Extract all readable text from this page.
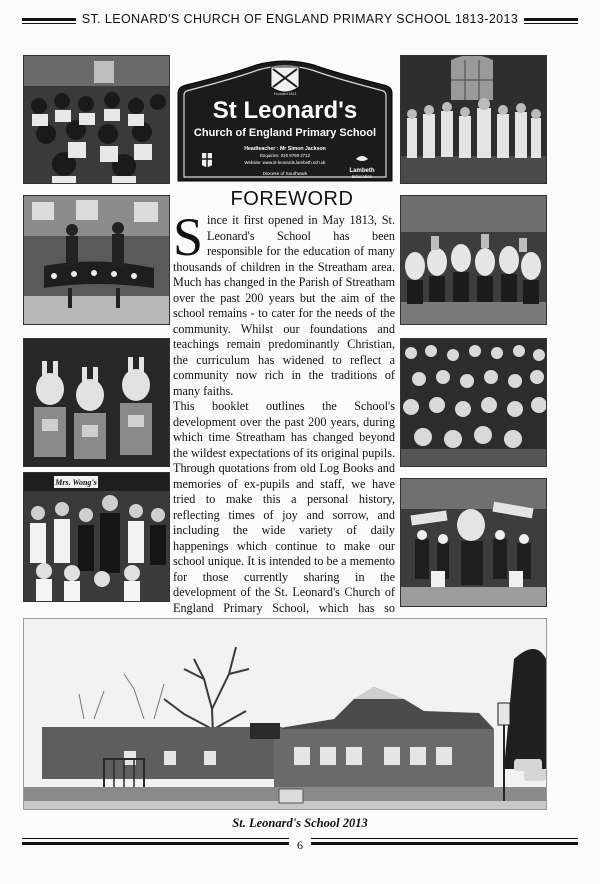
ST. LEONARD'S CHURCH OF ENGLAND PRIMARY SCHOOL 1813-2013
Founded 1813
St Leonard's
Church of England Primary School
Headteacher : Mr Simon Jackson
Enquiries: 020 8769 2712
Website: www.st-leonards.lambeth.sch.uk
Diocese of Southwark	Lambeth
Education
Mrs. Wong's
FOREWORD

Since it first opened in May 1813, St. Leonard's School has been responsible for the education of many thousands of children in the Streatham area. Much has changed in the Parish of Streatham over the past 200 years but the aim of the school remains - to cater for the needs of the community. Whilst our foundations and teachings remain predominantly Christian, the curriculum has widened to reflect a community now rich in the traditions of many faiths.

This booklet outlines the School's development over the past 200 years, during which time Streatham has changed beyond the wildest expectations of its original pupils. Through quotations from old Log Books and memories of ex-pupils and staff, we have tried to make this a personal history, reflecting times of joy and sorrow, and including the wide variety of daily happenings which continue to make our school unique. It is intended to be a memento for those currently sharing in the development of the St. Leonard's Church of England Primary School, which has so

St. Leonard's School 2013
6
